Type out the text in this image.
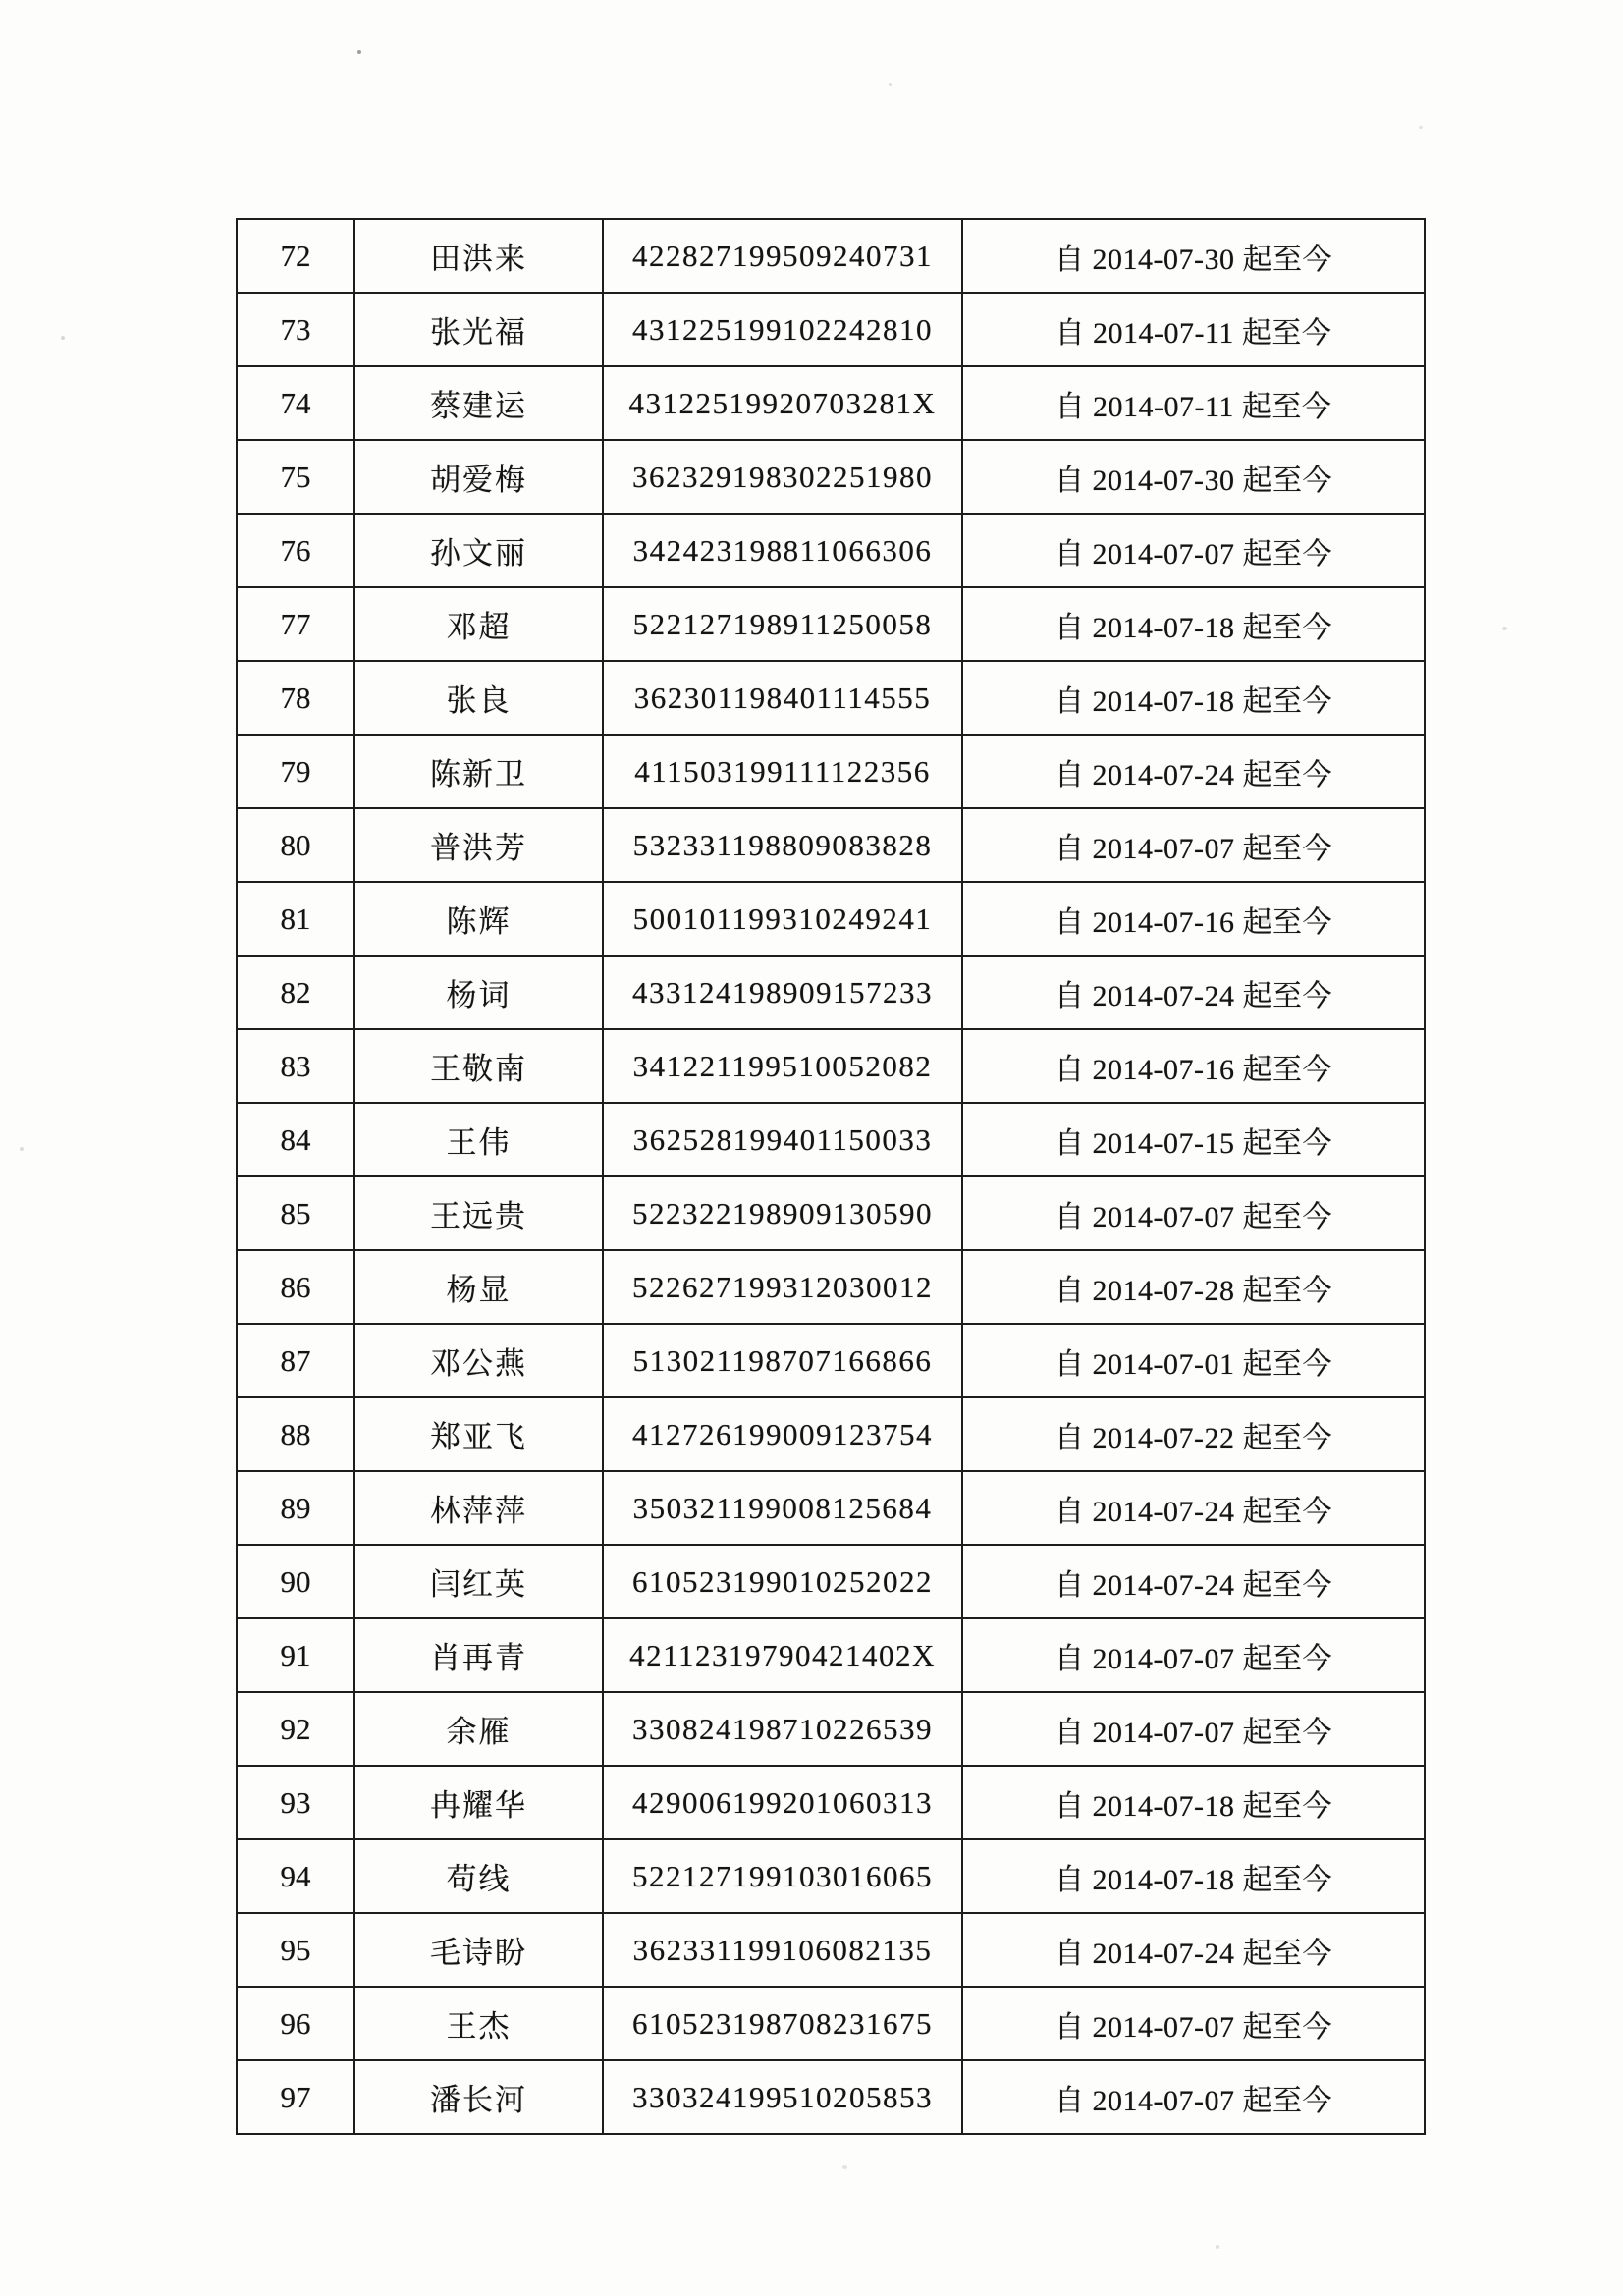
72	田洪来	422827199509240731	自 2014-07-30 起至今
73	张光福	431225199102242810	自 2014-07-11 起至今
74	蔡建运	43122519920703281X	自 2014-07-11 起至今
75	胡爱梅	362329198302251980	自 2014-07-30 起至今
76	孙文丽	342423198811066306	自 2014-07-07 起至今
77	邓超	522127198911250058	自 2014-07-18 起至今
78	张良	362301198401114555	自 2014-07-18 起至今
79	陈新卫	411503199111122356	自 2014-07-24 起至今
80	普洪芳	532331198809083828	自 2014-07-07 起至今
81	陈辉	500101199310249241	自 2014-07-16 起至今
82	杨词	433124198909157233	自 2014-07-24 起至今
83	王敬南	341221199510052082	自 2014-07-16 起至今
84	王伟	362528199401150033	自 2014-07-15 起至今
85	王远贵	522322198909130590	自 2014-07-07 起至今
86	杨显	522627199312030012	自 2014-07-28 起至今
87	邓公燕	513021198707166866	自 2014-07-01 起至今
88	郑亚飞	412726199009123754	自 2014-07-22 起至今
89	林萍萍	350321199008125684	自 2014-07-24 起至今
90	闫红英	610523199010252022	自 2014-07-24 起至今
91	肖再青	42112319790421402X	自 2014-07-07 起至今
92	余雁	330824198710226539	自 2014-07-07 起至今
93	冉耀华	429006199201060313	自 2014-07-18 起至今
94	苟线	522127199103016065	自 2014-07-18 起至今
95	毛诗盼	362331199106082135	自 2014-07-24 起至今
96	王杰	610523198708231675	自 2014-07-07 起至今
97	潘长河	330324199510205853	自 2014-07-07 起至今
